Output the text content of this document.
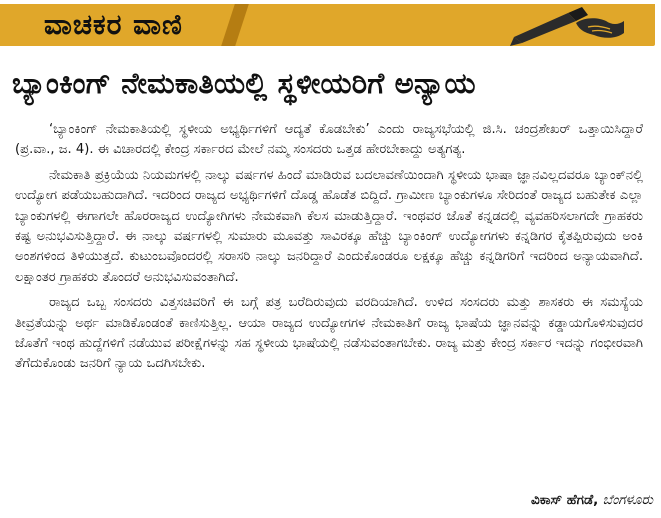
ವಾಚಕರ ವಾಣಿ
ಬ್ಯಾಂಕಿಂಗ್ ನೇಮಕಾತಿಯಲ್ಲಿ ಸ್ಥಳೀಯರಿಗೆ ಅನ್ಯಾಯ

‘ಬ್ಯಾಂಕಿಂಗ್ ನೇಮಕಾತಿಯಲ್ಲಿ ಸ್ಥಳೀಯ ಅಭ್ಯರ್ಥಿಗಳಿಗೆ ಆದ್ಯತೆ ಕೊಡಬೇಕು’ ಎಂದು ರಾಜ್ಯಸಭೆಯಲ್ಲಿ ಜಿ.ಸಿ. ಚಂದ್ರಶೇಖರ್ ಒತ್ತಾಯಿಸಿದ್ದಾರೆ (ಪ್ರ.ವಾ., ಜ. 4). ಈ ವಿಚಾರದಲ್ಲಿ ಕೇಂದ್ರ ಸರ್ಕಾರದ ಮೇಲೆ ನಮ್ಮ ಸಂಸದರು ಒತ್ತಡ ಹೇರಬೇಕಾದ್ದು ಅತ್ಯಗತ್ಯ.

ನೇಮಕಾತಿ ಪ್ರಕ್ರಿಯೆಯ ನಿಯಮಗಳಲ್ಲಿ ನಾಲ್ಕು ವರ್ಷಗಳ ಹಿಂದೆ ಮಾಡಿರುವ ಬದಲಾವಣೆಯಿಂದಾಗಿ ಸ್ಥಳೀಯ ಭಾಷಾ ಜ್ಞಾನವಿಲ್ಲದವರೂ ಬ್ಯಾಂಕ್‌ನಲ್ಲಿ ಉದ್ಯೋಗ ಪಡೆಯಬಹುದಾಗಿದೆ. ಇದರಿಂದ ರಾಜ್ಯದ ಅಭ್ಯರ್ಥಿಗಳಿಗೆ ದೊಡ್ಡ ಹೊಡೆತ ಬಿದ್ದಿದೆ. ಗ್ರಾಮೀಣ ಬ್ಯಾಂಕುಗಳೂ ಸೇರಿದಂತೆ ರಾಜ್ಯದ ಬಹುತೇಕ ಎಲ್ಲಾ ಬ್ಯಾಂಕುಗಳಲ್ಲಿ ಈಗಾಗಲೇ ಹೊರರಾಜ್ಯದ ಉದ್ಯೋಗಿಗಳು ನೇಮಕವಾಗಿ ಕೆಲಸ ಮಾಡುತ್ತಿದ್ದಾರೆ. ಇಂಥವರ ಜೊತೆ ಕನ್ನಡದಲ್ಲಿ ವ್ಯವಹರಿಸಲಾಗದೇ ಗ್ರಾಹಕರು ಕಷ್ಟ ಅನುಭವಿಸುತ್ತಿದ್ದಾರೆ. ಈ ನಾಲ್ಕು ವರ್ಷಗಳಲ್ಲಿ ಸುಮಾರು ಮೂವತ್ತು ಸಾವಿರಕ್ಕೂ ಹೆಚ್ಚು ಬ್ಯಾಂಕಿಂಗ್ ಉದ್ಯೋಗಗಳು ಕನ್ನಡಿಗರ ಕೈತಪ್ಪಿರುವುದು ಅಂಕಿ ಅಂಶಗಳಿಂದ ತಿಳಿಯುತ್ತದೆ. ಕುಟುಂಬವೊಂದರಲ್ಲಿ ಸರಾಸರಿ ನಾಲ್ಕು ಜನರಿದ್ದಾರೆ ಎಂದುಕೊಂಡರೂ ಲಕ್ಷಕ್ಕೂ ಹೆಚ್ಚು ಕನ್ನಡಿಗರಿಗೆ ಇದರಿಂದ ಅನ್ಯಾಯವಾಗಿದೆ. ಲಕ್ಷಾಂತರ ಗ್ರಾಹಕರು ತೊಂದರೆ ಅನುಭವಿಸುವಂತಾಗಿದೆ.

ರಾಜ್ಯದ ಒಬ್ಬ ಸಂಸದರು ವಿತ್ತಸಚಿವರಿಗೆ ಈ ಬಗ್ಗೆ ಪತ್ರ ಬರೆದಿರುವುದು ವರದಿಯಾಗಿದೆ. ಉಳಿದ ಸಂಸದರು ಮತ್ತು ಶಾಸಕರು ಈ ಸಮಸ್ಯೆಯ ತೀವ್ರತೆಯನ್ನು ಅರ್ಥ ಮಾಡಿಕೊಂಡಂತೆ ಕಾಣಿಸುತ್ತಿಲ್ಲ. ಆಯಾ ರಾಜ್ಯದ ಉದ್ಯೋಗಗಳ ನೇಮಕಾತಿಗೆ ರಾಜ್ಯ ಭಾಷೆಯ ಜ್ಞಾನವನ್ನು ಕಡ್ಡಾಯಗೊಳಿಸುವುದರ ಜೊತೆಗೆ ಇಂಥ ಹುದ್ದೆಗಳಿಗೆ ನಡೆಯುವ ಪರೀಕ್ಷೆಗಳನ್ನು ಸಹ ಸ್ಥಳೀಯ ಭಾಷೆಯಲ್ಲಿ ನಡೆಸುವಂತಾಗಬೇಕು. ರಾಜ್ಯ ಮತ್ತು ಕೇಂದ್ರ ಸರ್ಕಾರ ಇದನ್ನು ಗಂಭೀರವಾಗಿ ತೆಗೆದುಕೊಂಡು ಜನರಿಗೆ ನ್ಯಾಯ ಒದಗಿಸಬೇಕು.

ವಿಕಾಸ್ ಹೆಗಡೆ, ಬೆಂಗಳೂರು
